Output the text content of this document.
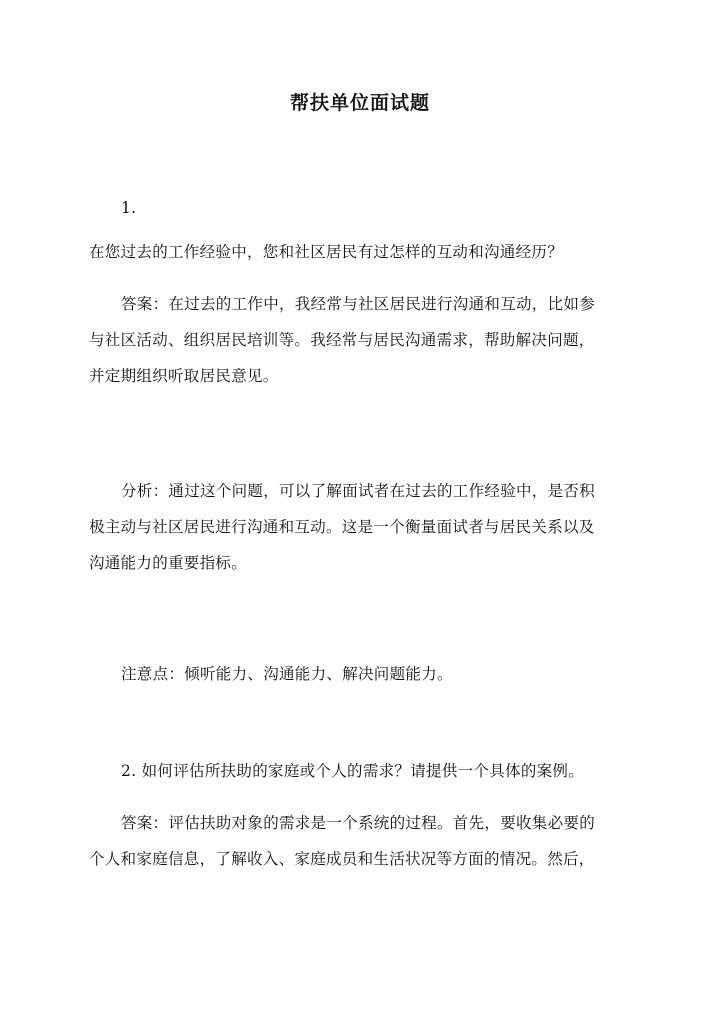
帮扶单位面试题

1.

在您过去的工作经验中，您和社区居民有过怎样的互动和沟通经历？

答案：在过去的工作中，我经常与社区居民进行沟通和互动，比如参
与社区活动、组织居民培训等。我经常与居民沟通需求，帮助解决问题，
并定期组织听取居民意见。

分析：通过这个问题，可以了解面试者在过去的工作经验中，是否积
极主动与社区居民进行沟通和互动。这是一个衡量面试者与居民关系以及
沟通能力的重要指标。

注意点：倾听能力、沟通能力、解决问题能力。

2. 如何评估所扶助的家庭或个人的需求？请提供一个具体的案例。

答案：评估扶助对象的需求是一个系统的过程。首先，要收集必要的
个人和家庭信息，了解收入、家庭成员和生活状况等方面的情况。然后，
